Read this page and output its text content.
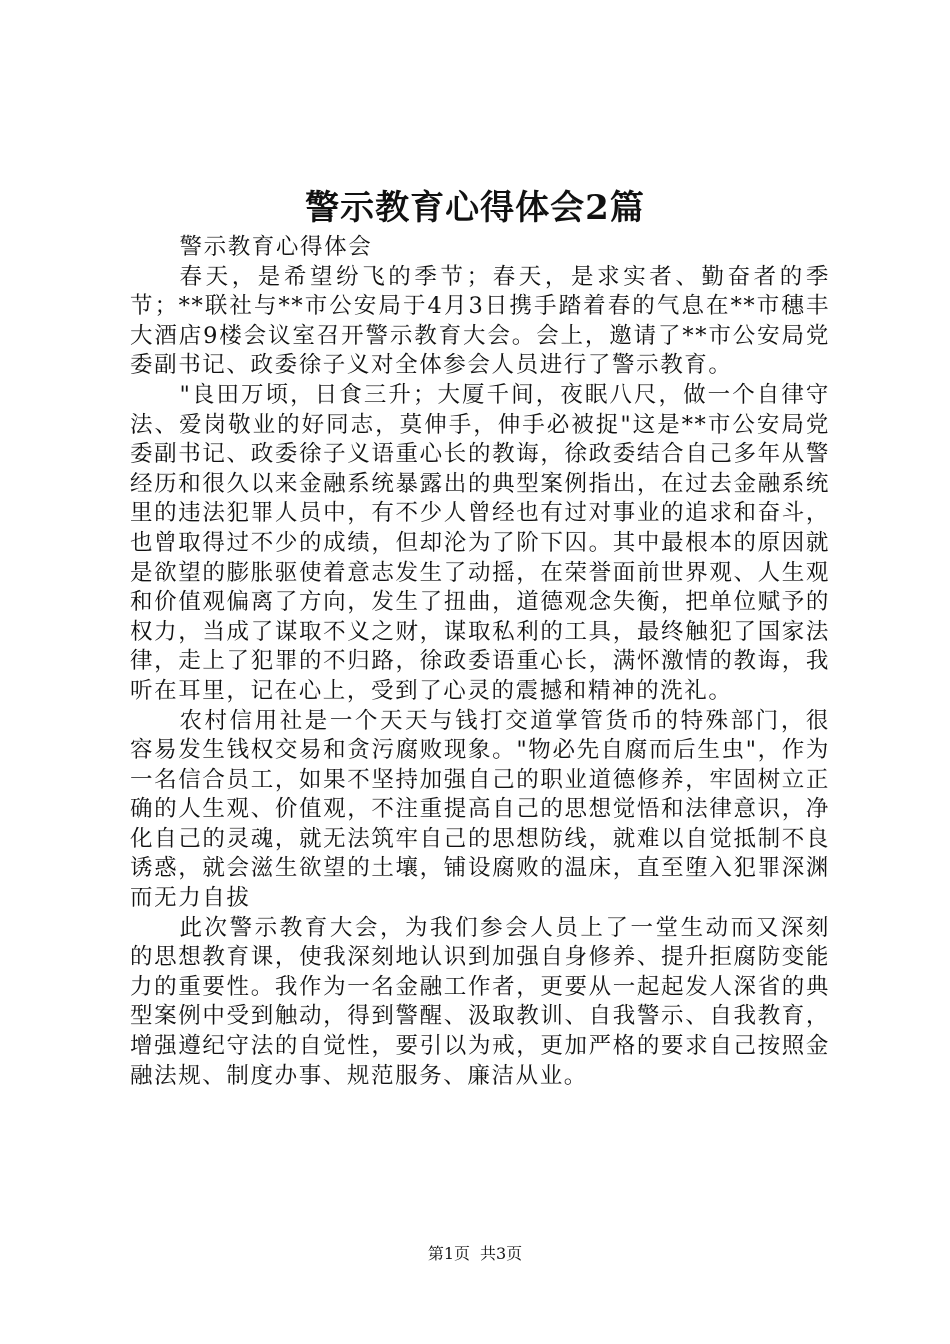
警示教育心得体会2篇

警示教育心得体会

春天，是希望纷飞的季节；春天，是求实者、勤奋者的季节；**联社与**市公安局于4月3日携手踏着春的气息在**市穗丰大酒店9楼会议室召开警示教育大会。会上，邀请了**市公安局党委副书记、政委徐子义对全体参会人员进行了警示教育。

"良田万顷，日食三升；大厦千间，夜眠八尺，做一个自律守法、爱岗敬业的好同志，莫伸手，伸手必被捉"这是**市公安局党委副书记、政委徐子义语重心长的教诲，徐政委结合自己多年从警经历和很久以来金融系统暴露出的典型案例指出，在过去金融系统里的违法犯罪人员中，有不少人曾经也有过对事业的追求和奋斗，也曾取得过不少的成绩，但却沦为了阶下囚。其中最根本的原因就是欲望的膨胀驱使着意志发生了动摇，在荣誉面前世界观、人生观和价值观偏离了方向，发生了扭曲，道德观念失衡，把单位赋予的权力，当成了谋取不义之财，谋取私利的工具，最终触犯了国家法律，走上了犯罪的不归路，徐政委语重心长，满怀激情的教诲，我听在耳里，记在心上，受到了心灵的震撼和精神的洗礼。

农村信用社是一个天天与钱打交道掌管货币的特殊部门，很容易发生钱权交易和贪污腐败现象。"物必先自腐而后生虫"，作为一名信合员工，如果不坚持加强自己的职业道德修养，牢固树立正确的人生观、价值观，不注重提高自己的思想觉悟和法律意识，净化自己的灵魂，就无法筑牢自己的思想防线，就难以自觉抵制不良诱惑，就会滋生欲望的土壤，铺设腐败的温床，直至堕入犯罪深渊而无力自拔

此次警示教育大会，为我们参会人员上了一堂生动而又深刻的思想教育课，使我深刻地认识到加强自身修养、提升拒腐防变能力的重要性。我作为一名金融工作者，更要从一起起发人深省的典型案例中受到触动，得到警醒、汲取教训、自我警示、自我教育，增强遵纪守法的自觉性，要引以为戒，更加严格的要求自己按照金融法规、制度办事、规范服务、廉洁从业。

第1页 共3页
